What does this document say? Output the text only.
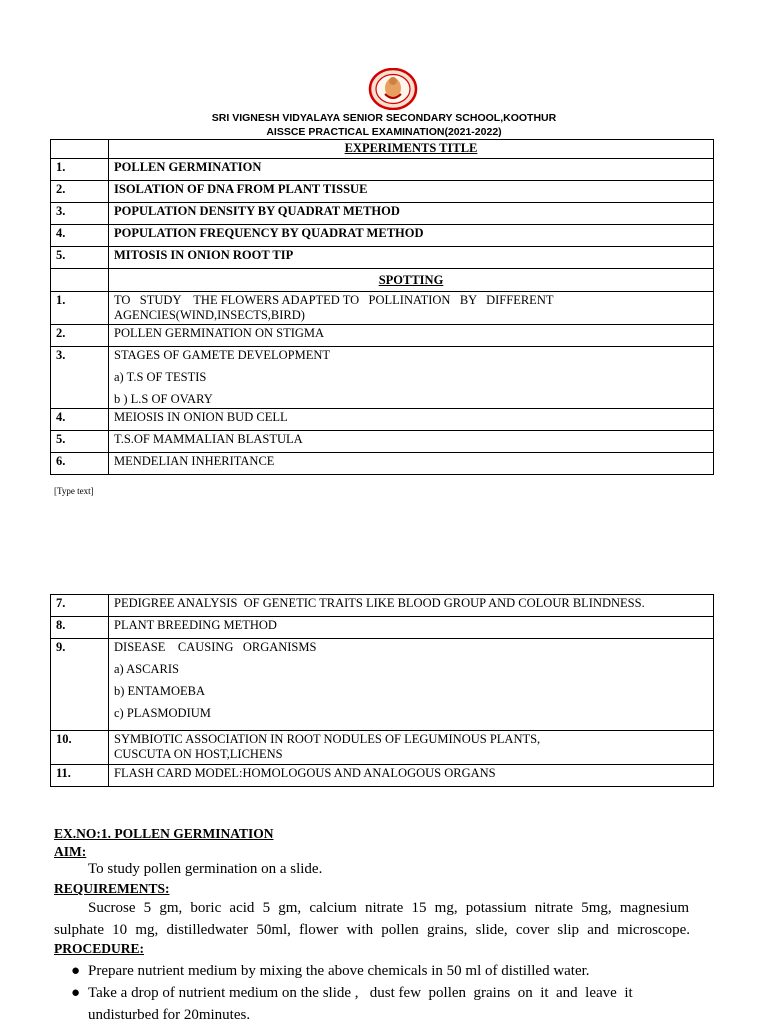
SRI VIGNESH VIDYALAYA SENIOR SECONDARY SCHOOL,KOOTHUR
AISSCE PRACTICAL EXAMINATION(2021-2022)
	EXPERIMENTS TITLE
1.	POLLEN GERMINATION
2.	ISOLATION OF DNA FROM PLANT TISSUE
3.	POPULATION DENSITY BY QUADRAT METHOD
4.	POPULATION FREQUENCY BY QUADRAT METHOD
5.	MITOSIS IN ONION ROOT TIP
	SPOTTING
1.	TO   STUDY    THE FLOWERS ADAPTED TO   POLLINATION   BY   DIFFERENT
AGENCIES(WIND,INSECTS,BIRD)

2.	POLLEN GERMINATION ON STIGMA
3.	STAGES OF GAMETE DEVELOPMENT
a) T.S OF TESTIS
b ) L.S OF OVARY

4.	MEIOSIS IN ONION BUD CELL
5.	T.S.OF MAMMALIAN BLASTULA
6.	MENDELIAN INHERITANCE
[Type text]
7.	PEDIGREE ANALYSIS  OF GENETIC TRAITS LIKE BLOOD GROUP AND COLOUR BLINDNESS.
8.	PLANT BREEDING METHOD
9.	DISEASE    CAUSING   ORGANISMS
a) ASCARIS
b) ENTAMOEBA
c) PLASMODIUM

10.	SYMBIOTIC ASSOCIATION IN ROOT NODULES OF LEGUMINOUS PLANTS,
CUSCUTA ON HOST,LICHENS

11.	FLASH CARD MODEL:HOMOLOGOUS AND ANALOGOUS ORGANS
EX.NO:1. POLLEN GERMINATION
AIM:
To study pollen germination on a slide.
REQUIREMENTS:
Sucrose 5 gm, boric acid 5 gm, calcium nitrate 15 mg, potassium nitrate 5mg, magnesium
sulphate 10 mg, distilledwater 50ml, flower with pollen grains, slide, cover slip and microscope.
PROCEDURE:
● Prepare nutrient medium by mixing the above chemicals in 50 ml of distilled water.
● Take a drop of nutrient medium on the slide ,   dust few  pollen  grains  on  it  and  leave  it
undisturbed for 20minutes.
